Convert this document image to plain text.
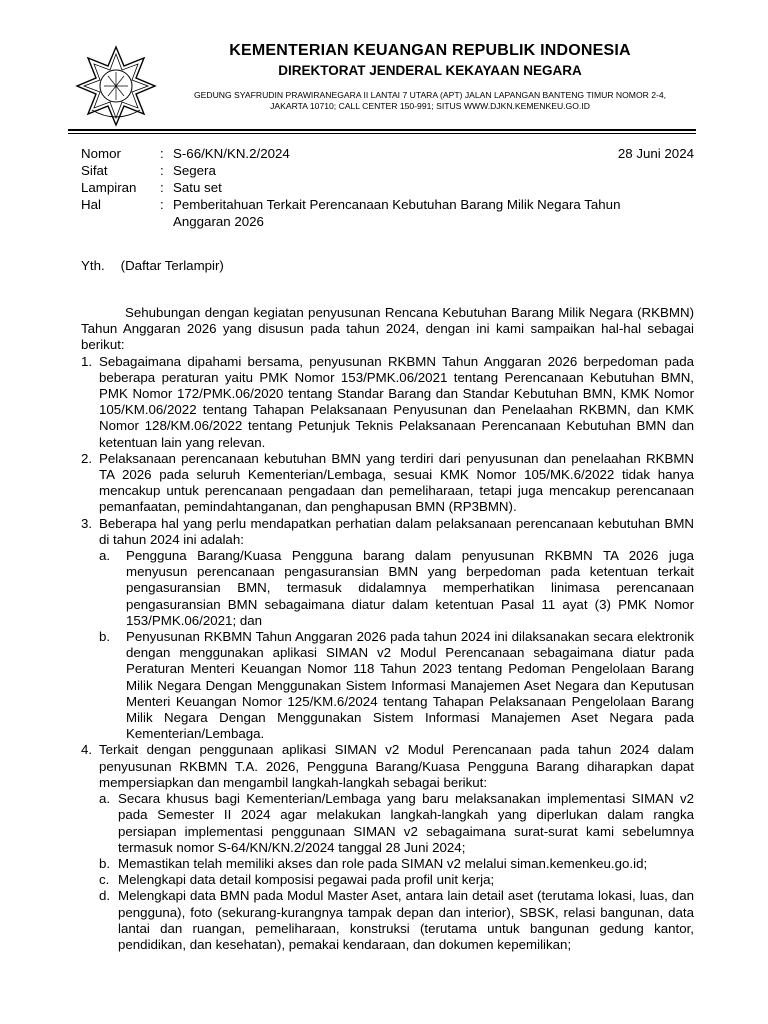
KEMENTERIAN KEUANGAN REPUBLIK INDONESIA
DIREKTORAT JENDERAL KEKAYAAN NEGARA
GEDUNG SYAFRUDIN PRAWIRANEGARA II LANTAI 7 UTARA (APT) JALAN LAPANGAN BANTENG TIMUR NOMOR 2-4,
JAKARTA 10710; CALL CENTER 150-991; SITUS WWW.DJKN.KEMENKEU.GO.ID
Nomor	: S-66/KN/KN.2/2024	28 Juni 2024
Sifat	: Segera
Lampiran	: Satu set
Hal	: Pemberitahuan Terkait Perencanaan Kebutuhan Barang Milik Negara Tahun Anggaran 2026
Yth. (Daftar Terlampir)

Sehubungan dengan kegiatan penyusunan Rencana Kebutuhan Barang Milik Negara (RKBMN) Tahun Anggaran 2026 yang disusun pada tahun 2024, dengan ini kami sampaikan hal-hal sebagai berikut:

1. Sebagaimana dipahami bersama, penyusunan RKBMN Tahun Anggaran 2026 berpedoman pada beberapa peraturan yaitu PMK Nomor 153/PMK.06/2021 tentang Perencanaan Kebutuhan BMN, PMK Nomor 172/PMK.06/2020 tentang Standar Barang dan Standar Kebutuhan BMN, KMK Nomor 105/KM.06/2022 tentang Tahapan Pelaksanaan Penyusunan dan Penelaahan RKBMN, dan KMK Nomor 128/KM.06/2022 tentang Petunjuk Teknis Pelaksanaan Perencanaan Kebutuhan BMN dan ketentuan lain yang relevan.
2. Pelaksanaan perencanaan kebutuhan BMN yang terdiri dari penyusunan dan penelaahan RKBMN TA 2026 pada seluruh Kementerian/Lembaga, sesuai KMK Nomor 105/MK.6/2022 tidak hanya mencakup untuk perencanaan pengadaan dan pemeliharaan, tetapi juga mencakup perencanaan pemanfaatan, pemindahtanganan, dan penghapusan BMN (RP3BMN).
3. Beberapa hal yang perlu mendapatkan perhatian dalam pelaksanaan perencanaan kebutuhan BMN di tahun 2024 ini adalah:
a. Pengguna Barang/Kuasa Pengguna barang dalam penyusunan RKBMN TA 2026 juga menyusun perencanaan pengasuransian BMN yang berpedoman pada ketentuan terkait pengasuransian BMN, termasuk didalamnya memperhatikan linimasa perencanaan pengasuransian BMN sebagaimana diatur dalam ketentuan Pasal 11 ayat (3) PMK Nomor 153/PMK.06/2021; dan
b. Penyusunan RKBMN Tahun Anggaran 2026 pada tahun 2024 ini dilaksanakan secara elektronik dengan menggunakan aplikasi SIMAN v2 Modul Perencanaan sebagaimana diatur pada Peraturan Menteri Keuangan Nomor 118 Tahun 2023 tentang Pedoman Pengelolaan Barang Milik Negara Dengan Menggunakan Sistem Informasi Manajemen Aset Negara dan Keputusan Menteri Keuangan Nomor 125/KM.6/2024 tentang Tahapan Pelaksanaan Pengelolaan Barang Milik Negara Dengan Menggunakan Sistem Informasi Manajemen Aset Negara pada Kementerian/Lembaga.
4. Terkait dengan penggunaan aplikasi SIMAN v2 Modul Perencanaan pada tahun 2024 dalam penyusunan RKBMN T.A. 2026, Pengguna Barang/Kuasa Pengguna Barang diharapkan dapat mempersiapkan dan mengambil langkah-langkah sebagai berikut:
a. Secara khusus bagi Kementerian/Lembaga yang baru melaksanakan implementasi SIMAN v2 pada Semester II 2024 agar melakukan langkah-langkah yang diperlukan dalam rangka persiapan implementasi penggunaan SIMAN v2 sebagaimana surat-surat kami sebelumnya termasuk nomor S-64/KN/KN.2/2024 tanggal 28 Juni 2024;
b. Memastikan telah memiliki akses dan role pada SIMAN v2 melalui siman.kemenkeu.go.id;
c. Melengkapi data detail komposisi pegawai pada profil unit kerja;
d. Melengkapi data BMN pada Modul Master Aset, antara lain detail aset (terutama lokasi, luas, dan pengguna), foto (sekurang-kurangnya tampak depan dan interior), SBSK, relasi bangunan, data lantai dan ruangan, pemeliharaan, konstruksi (terutama untuk bangunan gedung kantor, pendidikan, dan kesehatan), pemakai kendaraan, dan dokumen kepemilikan;
